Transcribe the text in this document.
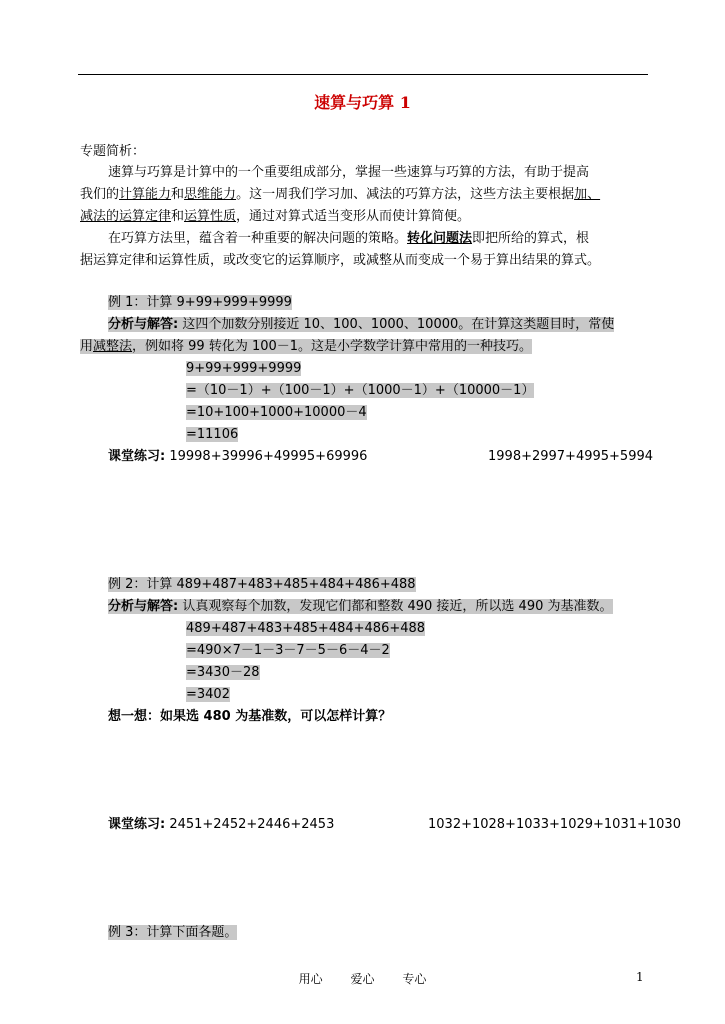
速算与巧算 1
专题简析：
速算与巧算是计算中的一个重要组成部分，掌握一些速算与巧算的方法，有助于提高
我们的计算能力和思维能力。这一周我们学习加、减法的巧算方法，这些方法主要根据加、
减法的运算定律和运算性质，通过对算式适当变形从而使计算简便。
在巧算方法里，蕴含着一种重要的解决问题的策略。转化问题法即把所给的算式，根
据运算定律和运算性质，或改变它的运算顺序，或减整从而变成一个易于算出结果的算式。
例 1：计算 9+99+999+9999
分析与解答: 这四个加数分别接近 10、100、1000、10000。在计算这类题目时，常使
用减整法，例如将 99 转化为 100－1。这是小学数学计算中常用的一种技巧。
9+99+999+9999
=（10－1）+（100－1）+（1000－1）+（10000－1）
=10+100+1000+10000－4
=11106
课堂练习: 19998+39996+49995+69996	1998+2997+4995+5994
例 2：计算 489+487+483+485+484+486+488
分析与解答: 认真观察每个加数，发现它们都和整数 490 接近，所以选 490 为基准数。
489+487+483+485+484+486+488
=490×7－1－3－7－5－6－4－2
=3430－28
=3402
想一想：如果选 480 为基准数，可以怎样计算？
课堂练习: 2451+2452+2446+2453	1032+1028+1033+1029+1031+1030
例 3：计算下面各题。
用心 爱心 专心	1
